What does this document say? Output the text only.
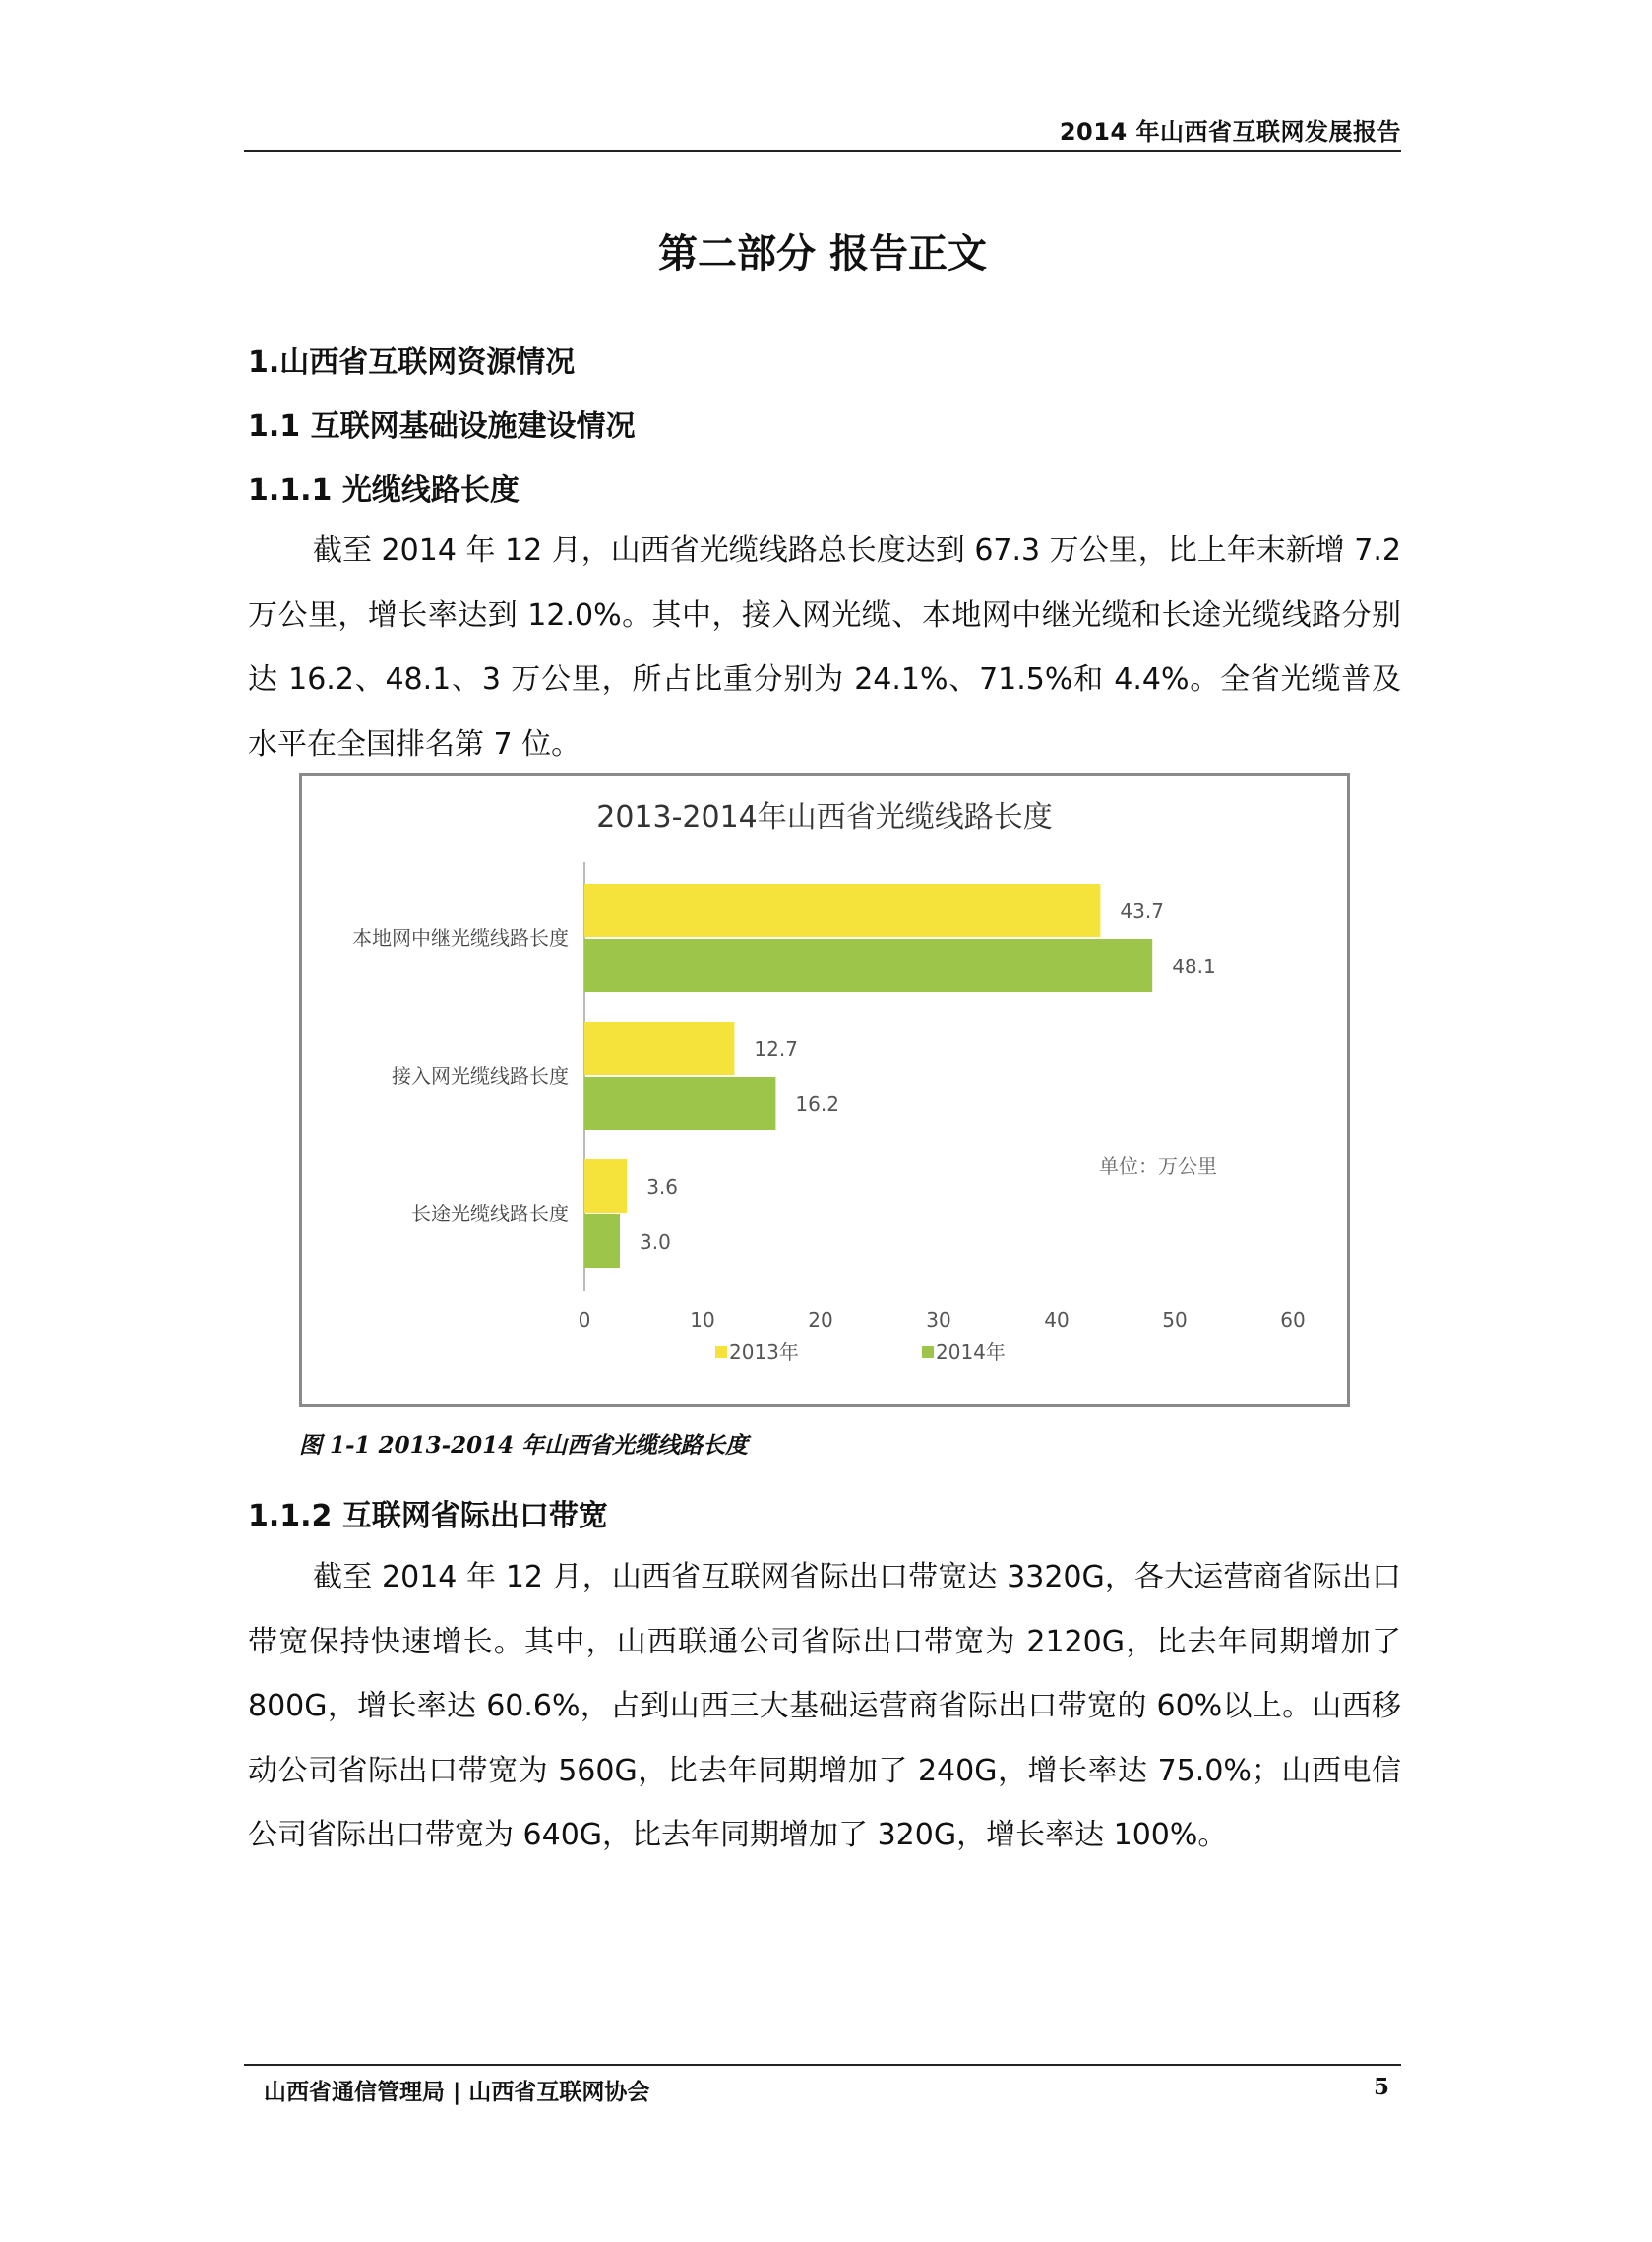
2014 年山西省互联网发展报告
第二部分 报告正文
1.山西省互联网资源情况
1.1 互联网基础设施建设情况
1.1.1 光缆线路长度

截至 2014 年 12 月，山西省光缆线路总长度达到 67.3 万公里，比上年末新增 7.2 万公里，增长率达到 12.0%。其中，接入网光缆、本地网中继光缆和长途光缆线路分别达 16.2、48.1、3 万公里，所占比重分别为 24.1%、71.5%和 4.4%。全省光缆普及水平在全国排名第 7 位。

2013-2014年山西省光缆线路长度
43.7
48.1
本地网中继光缆线路长度
12.7
16.2
接入网光缆线路长度
3.6
3.0
长途光缆线路长度
0	10	20	30	40	50	60
单位：万公里
2013年	2014年
图 1-1 2013-2014 年山西省光缆线路长度
1.1.2 互联网省际出口带宽

截至 2014 年 12 月，山西省互联网省际出口带宽达 3320G，各大运营商省际出口带宽保持快速增长。其中，山西联通公司省际出口带宽为 2120G，比去年同期增加了 800G，增长率达 60.6%，占到山西三大基础运营商省际出口带宽的 60%以上。山西移动公司省际出口带宽为 560G，比去年同期增加了 240G，增长率达 75.0%；山西电信公司省际出口带宽为 640G，比去年同期增加了 320G，增长率达 100%。

山西省通信管理局 | 山西省互联网协会	5
